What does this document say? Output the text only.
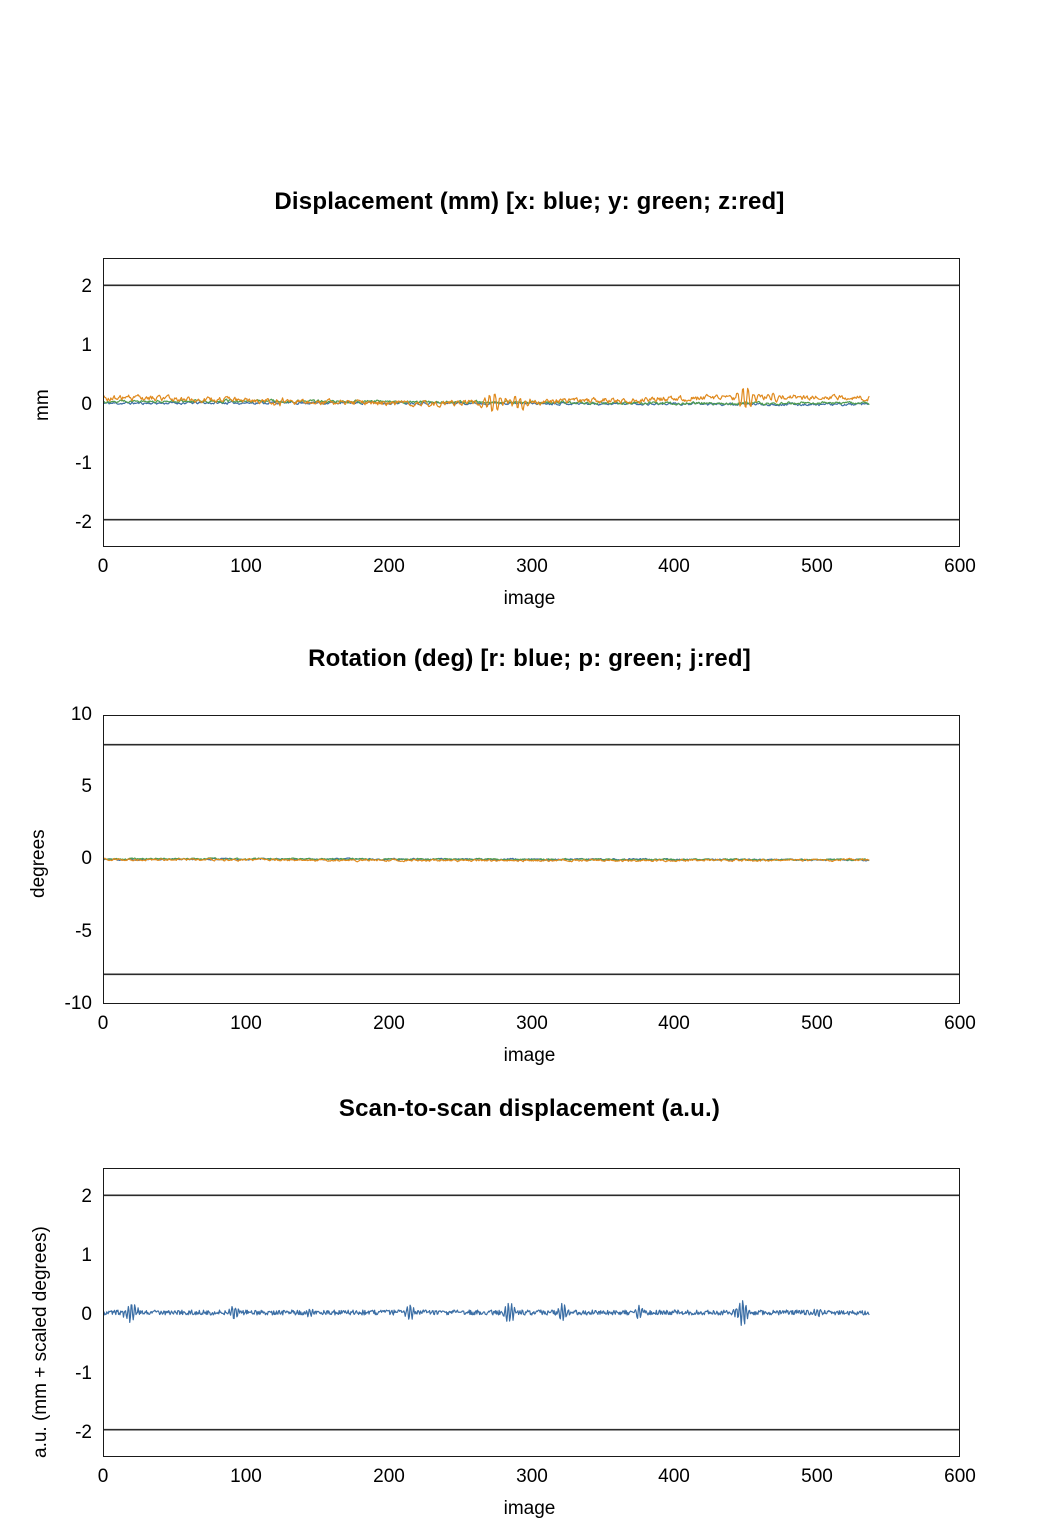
Displacement (mm) [x: blue; y: green; z:red]
2
1
0
-1
-2
0	100	200	300	400	500	600
image
mm
Rotation (deg) [r: blue; p: green; j:red]
10
5
0
-5
-10
0	100	200	300	400	500	600
image
degrees
Scan-to-scan displacement (a.u.)
2
1
0
-1
-2
0	100	200	300	400	500	600
image
a.u. (mm + scaled degrees)
